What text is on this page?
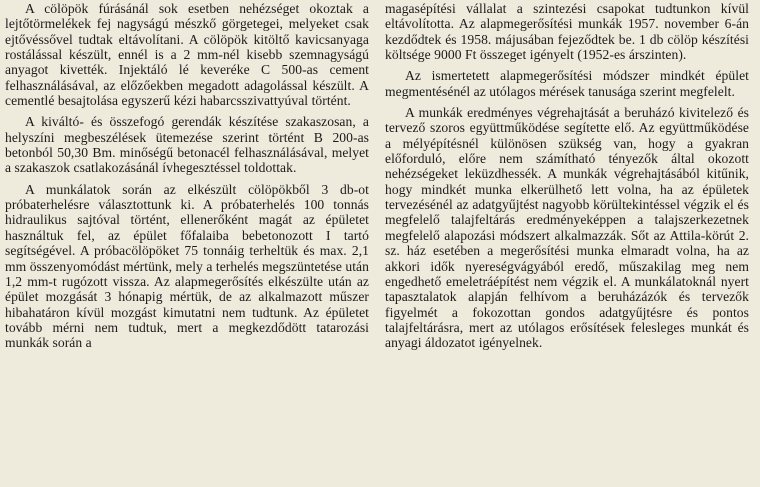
A cölöpök fúrásánál sok esetben nehézséget okoztak a lejtőtörmelékek fej nagyságú mészkő görgetegei, melyeket csak ejtővéssővel tudtak eltávolítani. A cölöpök kitöltő kavicsanyaga rostálással készült, ennél is a 2 mm-nél kisebb szemnagyságú anyagot kivették. Injektáló lé keveréke C 500-as cement felhasználásával, az előzőekben megadott adagolással készült. A cementlé besajtolása egyszerű kézi habarcsszivattyúval történt.

A kiváltó- és összefogó gerendák készítése szakaszosan, a helyszíni megbeszélések ütemezése szerint történt B 200-as betonból 50,30 Bm. minőségű betonacél felhasználásával, melyet a szakaszok csatlakozásánál ívhegesztéssel toldottak.

A munkálatok során az elkészült cölöpökből 3 db-ot próbaterhelésre választottunk ki. A próbaterhelés 100 tonnás hidraulikus sajtóval történt, ellenerőként magát az épületet használtuk fel, az épület főfalaiba bebetonozott I tartó segítségével. A próbacölöpöket 75 tonnáig terheltük és max. 2,1 mm összenyomódást mértünk, mely a terhelés megszüntetése után 1,2 mm-t rugózott vissza. Az alapmegerősítés elkészülte után az épület mozgását 3 hónapig mértük, de az alkalmazott műszer hibahatáron kívül mozgást kimutatni nem tudtunk. Az épületet tovább mérni nem tudtuk, mert a megkezdődött tatarozási munkák során a

magasépítési vállalat a szintezési csapokat tudtunkon kívül eltávolította. Az alapmegerősítési munkák 1957. november 6-án kezdődtek és 1958. májusában fejeződtek be. 1 db cölöp készítési költsége 9000 Ft összeget igényelt (1952-es árszinten).

Az ismertetett alapmegerősítési módszer mindkét épület megmentésénél az utólagos mérések tanusága szerint megfelelt.

A munkák eredményes végrehajtását a beruházó kivitelező és tervező szoros együttműködése segítette elő. Az együttműködése a mélyépítésnél különösen szükség van, hogy a gyakran előforduló, előre nem számítható tényezők által okozott nehézségeket leküzdhessék. A munkák végrehajtásából kitűnik, hogy mindkét munka elkerülhető lett volna, ha az épületek tervezésénél az adatgyűjtést nagyobb körültekintéssel végzik el és megfelelő talajfeltárás eredményeképpen a talajszerkezetnek megfelelő alapozási módszert alkalmazzák. Sőt az Attila-körút 2. sz. ház esetében a megerősítési munka elmaradt volna, ha az akkori idők nyereségvágyából eredő, műszakilag meg nem engedhető emeletráépítést nem végzik el. A munkálatoknál nyert tapasztalatok alapján felhívom a beruházázók és tervezők figyelmét a fokozottan gondos adatgyűjtésre és pontos talajfeltárásra, mert az utólagos erősítések felesleges munkát és anyagi áldozatot igényelnek.
